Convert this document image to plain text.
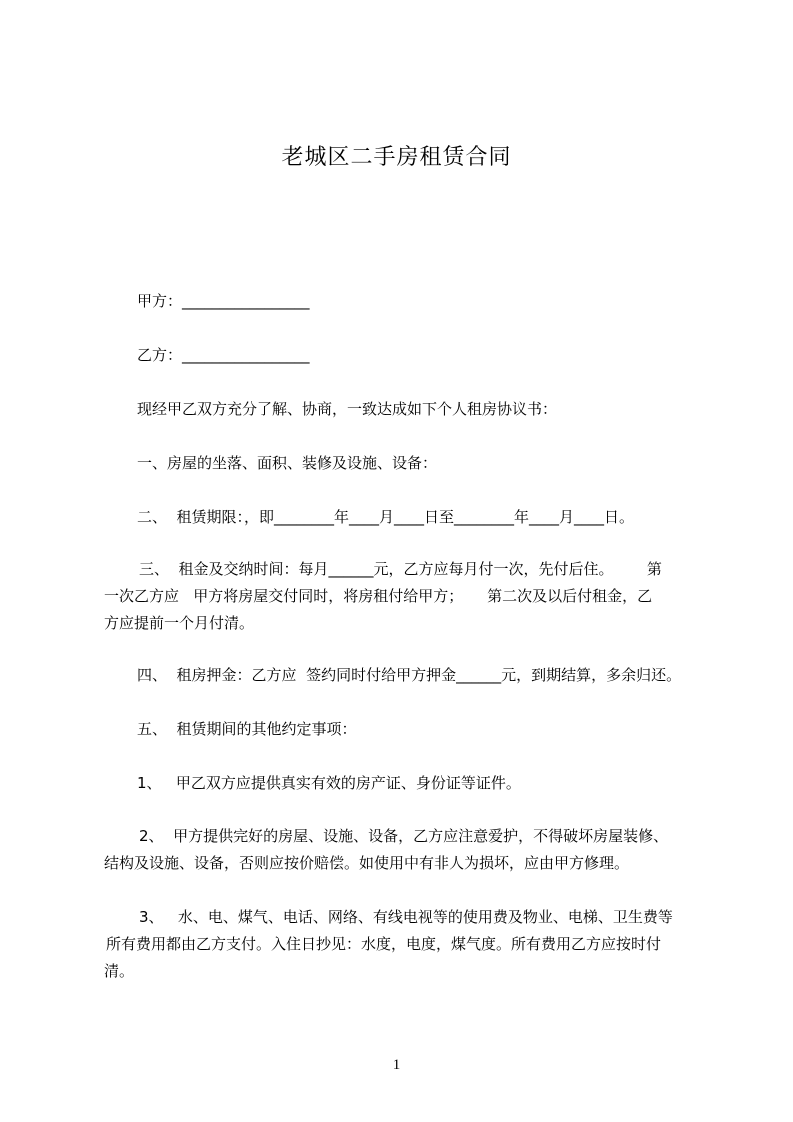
老城区二手房租赁合同
甲方：_________________
乙方：_________________
现经甲乙双方充分了解、协商，一致达成如下个人租房协议书：
一、房屋的坐落、面积、装修及设施、设备：
二、  租赁期限：，即________年____月____日至________年____月____日。
三、  租金及交纳时间：每月______元，乙方应每月付一次，先付后住。       第
一次乙方应   甲方将房屋交付同时，将房租付给甲方；     第二次及以后付租金，乙
方应提前一个月付清。
四、  租房押金：乙方应  签约同时付给甲方押金______元，到期结算，多余归还。
五、  租赁期间的其他约定事项：
1、   甲乙双方应提供真实有效的房产证、身份证等证件。
2、  甲方提供完好的房屋、设施、设备，乙方应注意爱护，不得破坏房屋装修、
结构及设施、设备，否则应按价赔偿。如使用中有非人为损坏，应由甲方修理。
3、   水、电、煤气、电话、网络、有线电视等的使用费及物业、电梯、卫生费等
所有费用都由乙方支付。入住日抄见：水度，电度，煤气度。所有费用乙方应按时付
清。
1
